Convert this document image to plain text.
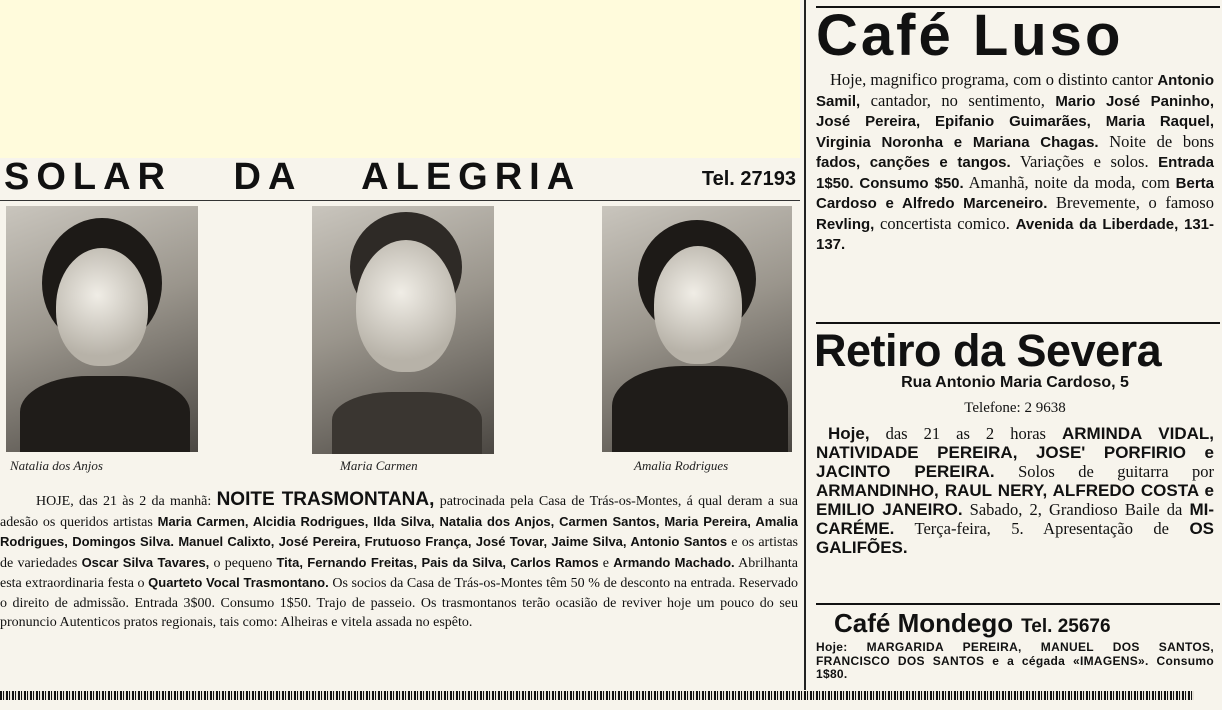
SOLAR DA ALEGRIA	Tel. 27193
Natalia dos Anjos	Maria Carmen	Amalia Rodrigues

HOJE, das 21 às 2 da manhã: NOITE TRASMONTANA, patrocinada pela Casa de Trás-os-Montes, á qual deram a sua adesão os queridos artistas Maria Carmen, Alcidia Rodrigues, Ilda Silva, Natalia dos Anjos, Carmen Santos, Maria Pereira, Amalia Rodrigues, Domingos Silva. Manuel Calixto, José Pereira, Frutuoso França, José Tovar, Jaime Silva, Antonio Santos e os artistas de variedades Oscar Silva Tavares, o pequeno Tita, Fernando Freitas, Pais da Silva, Carlos Ramos e Armando Machado. Abrilhanta esta extraordinaria festa o Quarteto Vocal Trasmontano. Os socios da Casa de Trás-os-Montes têm 50 % de desconto na entrada. Reservado o direito de admissão. Entrada 3$00. Consumo 1$50. Trajo de passeio. Os trasmontanos terão ocasião de reviver hoje um pouco do seu pronuncio Autenticos pratos regionais, tais como: Alheiras e vitela assada no espêto.

Café Luso

Hoje, magnifico programa, com o distinto cantor Antonio Samil, cantador, no sentimento, Mario José Paninho, José Pereira, Epifanio Guimarães, Maria Raquel, Virginia Noronha e Mariana Chagas. Noite de bons fados, canções e tangos. Variações e solos. Entrada 1$50. Consumo $50. Amanhã, noite da moda, com Berta Cardoso e Alfredo Marceneiro. Brevemente, o famoso Revling, concertista comico. Avenida da Liberdade, 131-137.

Retiro da Severa
Rua Antonio Maria Cardoso, 5
Telefone: 2 9638

Hoje, das 21 as 2 horas ARMINDA VIDAL, NATIVIDADE PEREIRA, JOSE' PORFIRIO e JACINTO PEREIRA. Solos de guitarra por ARMANDINHO, RAUL NERY, ALFREDO COSTA e EMILIO JANEIRO. Sabado, 2, Grandioso Baile da MI-CARÉME. Terça-feira, 5. Apresentação de OS GALIFÕES.

Café Mondego Tel. 25676

Hoje: MARGARIDA PEREIRA, MANUEL DOS SANTOS, FRANCISCO DOS SANTOS e a cégada «IMAGENS». Consumo 1$80.
